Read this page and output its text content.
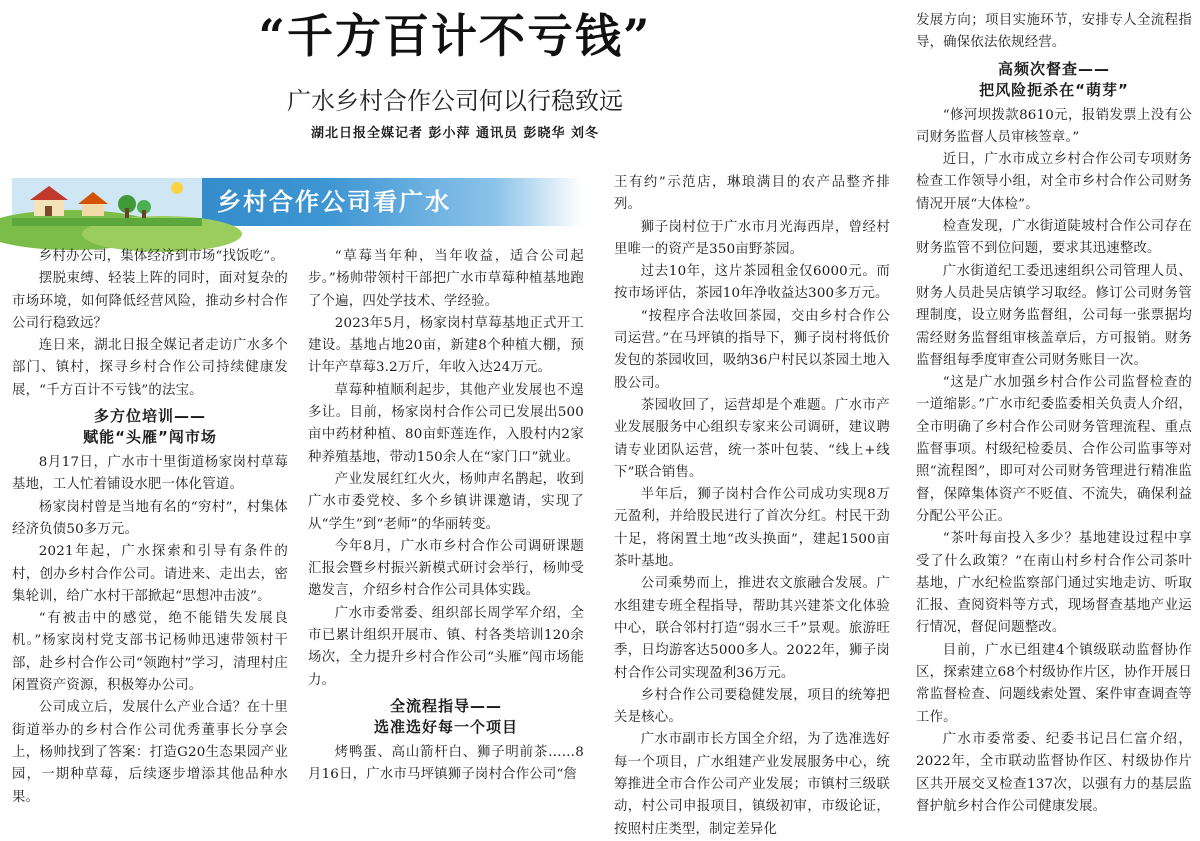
“千方百计不亏钱”
广水乡村合作公司何以行稳致远
湖北日报全媒记者 彭小萍 通讯员 彭晓华 刘冬
乡村合作公司看广水

乡村办公司，集体经济到市场“找饭吃”。

摆脱束缚、轻装上阵的同时，面对复杂的市场环境，如何降低经营风险，推动乡村合作公司行稳致远？

连日来，湖北日报全媒记者走访广水多个部门、镇村，探寻乡村合作公司持续健康发展，“千方百计不亏钱”的法宝。

多方位培训——
赋能“头雁”闯市场

8月17日，广水市十里街道杨家岗村草莓基地，工人忙着铺设水肥一体化管道。

杨家岗村曾是当地有名的“穷村”，村集体经济负债50多万元。

2021年起，广水探索和引导有条件的村，创办乡村合作公司。请进来、走出去，密集轮训，给广水村干部掀起“思想冲击波”。

“有被击中的感觉，绝不能错失发展良机。”杨家岗村党支部书记杨帅迅速带领村干部，赴乡村合作公司“领跑村”学习，清理村庄闲置资产资源，积极筹办公司。

公司成立后，发展什么产业合适？在十里街道举办的乡村合作公司优秀董事长分享会上，杨帅找到了答案：打造G20生态果园产业园，一期种草莓，后续逐步增添其他品种水果。

“草莓当年种，当年收益，适合公司起步。”杨帅带领村干部把广水市草莓种植基地跑了个遍，四处学技术、学经验。

2023年5月，杨家岗村草莓基地正式开工建设。基地占地20亩，新建8个种植大棚，预计年产草莓3.2万斤，年收入达24万元。

草莓种植顺利起步，其他产业发展也不遑多让。目前，杨家岗村合作公司已发展出500亩中药材种植、80亩虾莲连作，入股村内2家种养殖基地，带动150余人在“家门口”就业。

产业发展红红火火，杨帅声名鹊起，收到广水市委党校、多个乡镇讲课邀请，实现了从“学生”到“老师”的华丽转变。

今年8月，广水市乡村合作公司调研课题汇报会暨乡村振兴新模式研讨会举行，杨帅受邀发言，介绍乡村合作公司具体实践。

广水市委常委、组织部长周学军介绍，全市已累计组织开展市、镇、村各类培训120余场次，全力提升乡村合作公司“头雁”闯市场能力。

全流程指导——
选准选好每一个项目

烤鸭蛋、高山箭杆白、狮子明前茶……8月16日，广水市马坪镇狮子岗村合作公司“詹

王有约”示范店，琳琅满目的农产品整齐排列。

狮子岗村位于广水市月光海西岸，曾经村里唯一的资产是350亩野茶园。

过去10年，这片茶园租金仅6000元。而按市场评估，茶园10年净收益达300多万元。

“按程序合法收回茶园，交由乡村合作公司运营。”在马坪镇的指导下，狮子岗村将低价发包的茶园收回，吸纳36户村民以茶园土地入股公司。

茶园收回了，运营却是个难题。广水市产业发展服务中心组织专家来公司调研，建议聘请专业团队运营，统一茶叶包装、“线上+线下”联合销售。

半年后，狮子岗村合作公司成功实现8万元盈利，并给股民进行了首次分红。村民干劲十足，将闲置土地“改头换面”，建起1500亩茶叶基地。

公司乘势而上，推进农文旅融合发展。广水组建专班全程指导，帮助其兴建茶文化体验中心，联合邻村打造“弱水三千”景观。旅游旺季，日均游客达5000多人。2022年，狮子岗村合作公司实现盈利36万元。

乡村合作公司要稳健发展，项目的统筹把关是核心。

广水市副市长方国全介绍，为了选准选好每一个项目，广水组建产业发展服务中心，统筹推进全市合作公司产业发展；市镇村三级联动，村公司申报项目，镇级初审，市级论证，按照村庄类型，制定差异化

发展方向；项目实施环节，安排专人全流程指导，确保依法依规经营。

高频次督查——
把风险扼杀在“萌芽”

“修河坝拨款8610元，报销发票上没有公司财务监督人员审核签章。”

近日，广水市成立乡村合作公司专项财务检查工作领导小组，对全市乡村合作公司财务情况开展“大体检”。

检查发现，广水街道陡坡村合作公司存在财务监管不到位问题，要求其迅速整改。

广水街道纪工委迅速组织公司管理人员、财务人员赴吴店镇学习取经。修订公司财务管理制度，设立财务监督组，公司每一张票据均需经财务监督组审核盖章后，方可报销。财务监督组每季度审查公司财务账目一次。

“这是广水加强乡村合作公司监督检查的一道缩影。”广水市纪委监委相关负责人介绍，全市明确了乡村合作公司财务管理流程、重点监督事项。村级纪检委员、合作公司监事等对照“流程图”，即可对公司财务管理进行精准监督，保障集体资产不贬值、不流失，确保利益分配公平公正。

“茶叶每亩投入多少？基地建设过程中享受了什么政策？”在南山村乡村合作公司茶叶基地，广水纪检监察部门通过实地走访、听取汇报、查阅资料等方式，现场督查基地产业运行情况，督促问题整改。

目前，广水已组建4个镇级联动监督协作区，探索建立68个村级协作片区，协作开展日常监督检查、问题线索处置、案件审查调查等工作。

广水市委常委、纪委书记吕仁富介绍，2022年，全市联动监督协作区、村级协作片区共开展交叉检查137次，以强有力的基层监督护航乡村合作公司健康发展。
